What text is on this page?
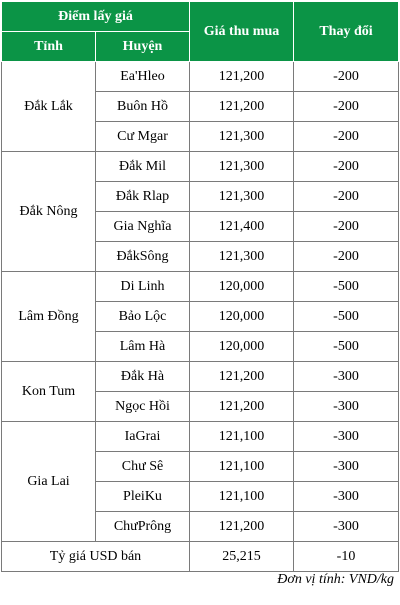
Điểm lấy giá		Giá thu mua	Thay đổi
Tỉnh	Huyện		
Đắk Lắk	Ea'Hleo	121,200	-200
	Buôn Hồ	121,200	-200
	Cư Mgar	121,300	-200
Đắk Nông	Đắk Mil	121,300	-200
	Đắk Rlap	121,300	-200
	Gia Nghĩa	121,400	-200
	ĐắkSông	121,300	-200
Lâm Đồng	Di Linh	120,000	-500
	Bảo Lộc	120,000	-500
	Lâm Hà	120,000	-500
Kon Tum	Đắk Hà	121,200	-300
	Ngọc Hồi	121,200	-300
Gia Lai	IaGrai	121,100	-300
	Chư Sê	121,100	-300
	PleiKu	121,100	-300
	ChưPrông	121,200	-300
Tỷ giá USD bán		25,215	-10
Đơn vị tính: VND/kg
